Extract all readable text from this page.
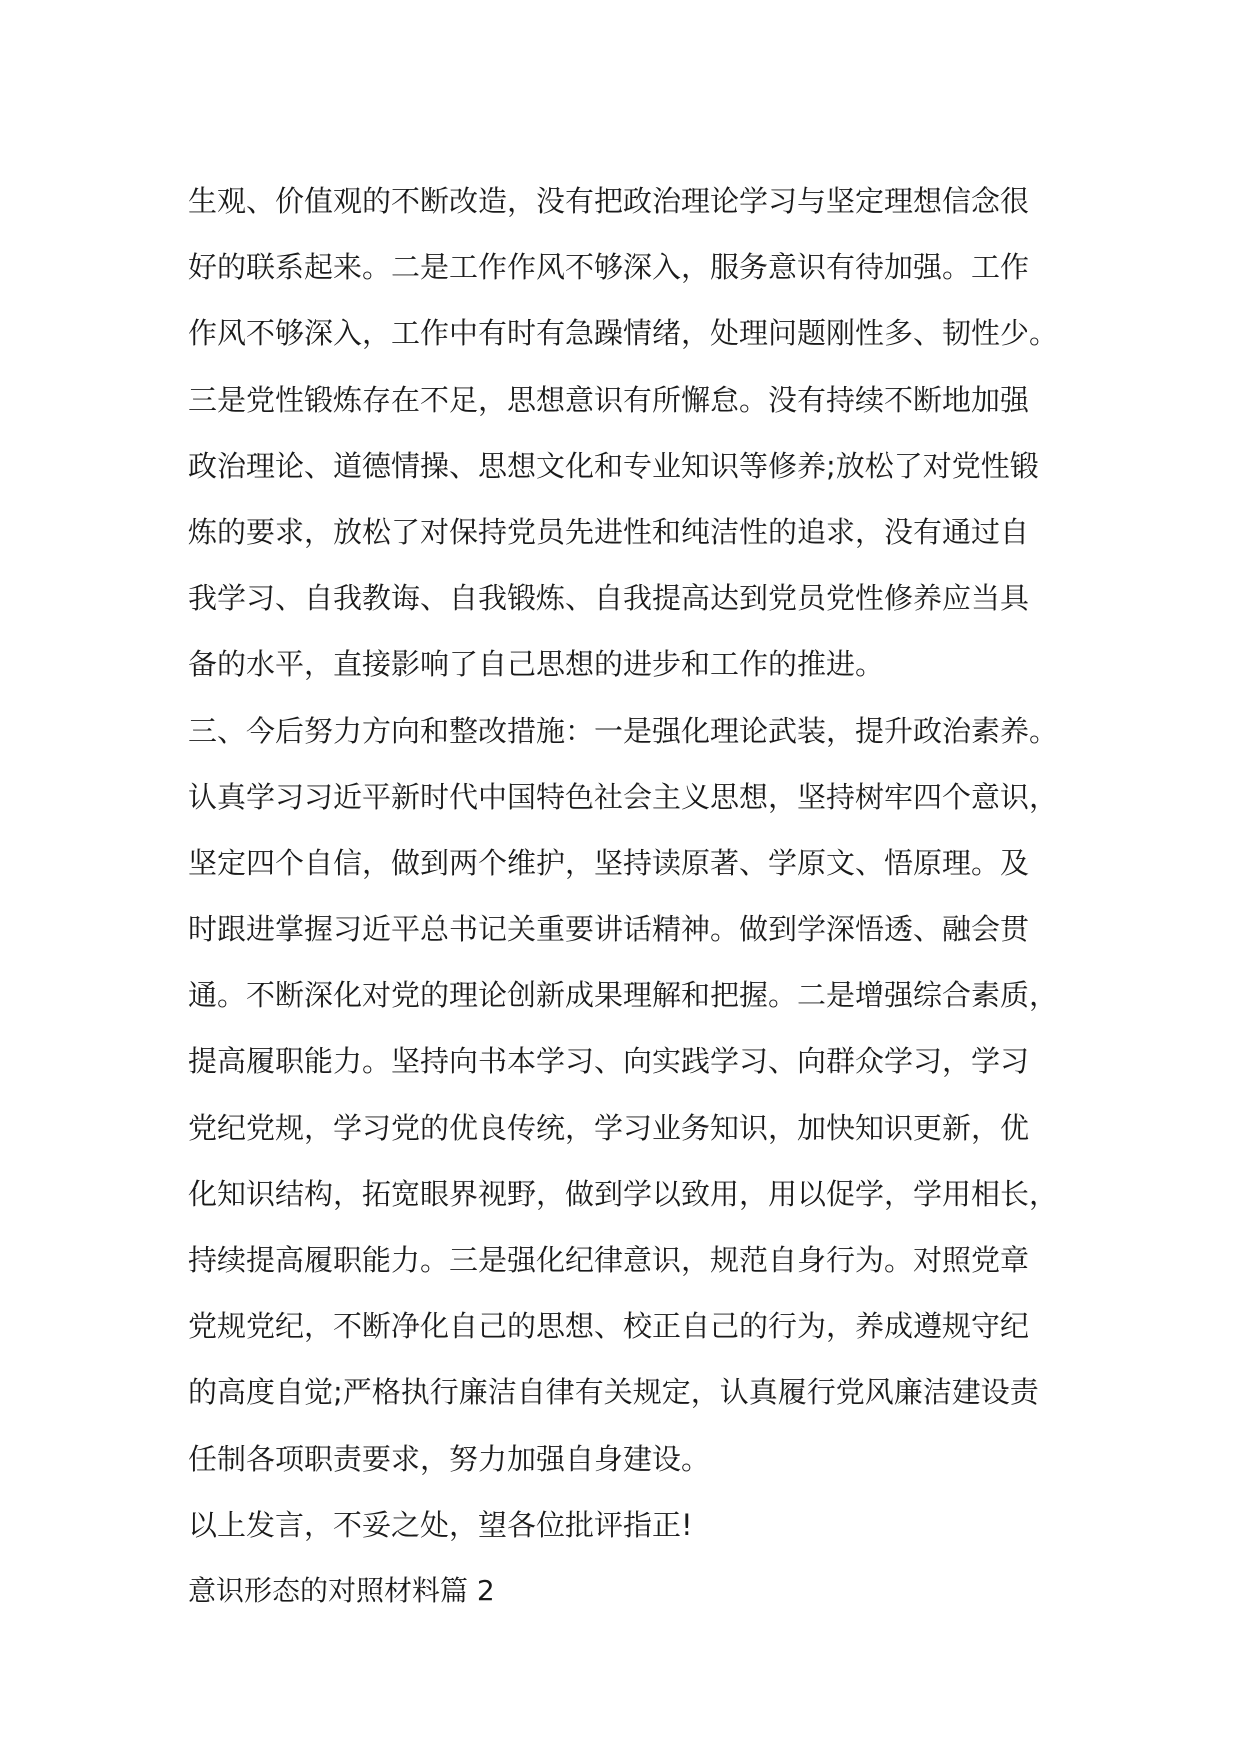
生观、价值观的不断改造，没有把政治理论学习与坚定理想信念很
好的联系起来。二是工作作风不够深入，服务意识有待加强。工作
作风不够深入，工作中有时有急躁情绪，处理问题刚性多、韧性少。
三是党性锻炼存在不足，思想意识有所懈怠。没有持续不断地加强
政治理论、道德情操、思想文化和专业知识等修养;放松了对党性锻
炼的要求，放松了对保持党员先进性和纯洁性的追求，没有通过自
我学习、自我教诲、自我锻炼、自我提高达到党员党性修养应当具
备的水平，直接影响了自己思想的进步和工作的推进。
三、今后努力方向和整改措施：一是强化理论武装，提升政治素养。
认真学习习近平新时代中国特色社会主义思想，坚持树牢四个意识，
坚定四个自信，做到两个维护，坚持读原著、学原文、悟原理。及
时跟进掌握习近平总书记关重要讲话精神。做到学深悟透、融会贯
通。不断深化对党的理论创新成果理解和把握。二是增强综合素质，
提高履职能力。坚持向书本学习、向实践学习、向群众学习，学习
党纪党规，学习党的优良传统，学习业务知识，加快知识更新，优
化知识结构，拓宽眼界视野，做到学以致用，用以促学，学用相长，
持续提高履职能力。三是强化纪律意识，规范自身行为。对照党章
党规党纪，不断净化自己的思想、校正自己的行为，养成遵规守纪
的高度自觉;严格执行廉洁自律有关规定，认真履行党风廉洁建设责
任制各项职责要求，努力加强自身建设。
以上发言，不妥之处，望各位批评指正!
意识形态的对照材料篇 2
